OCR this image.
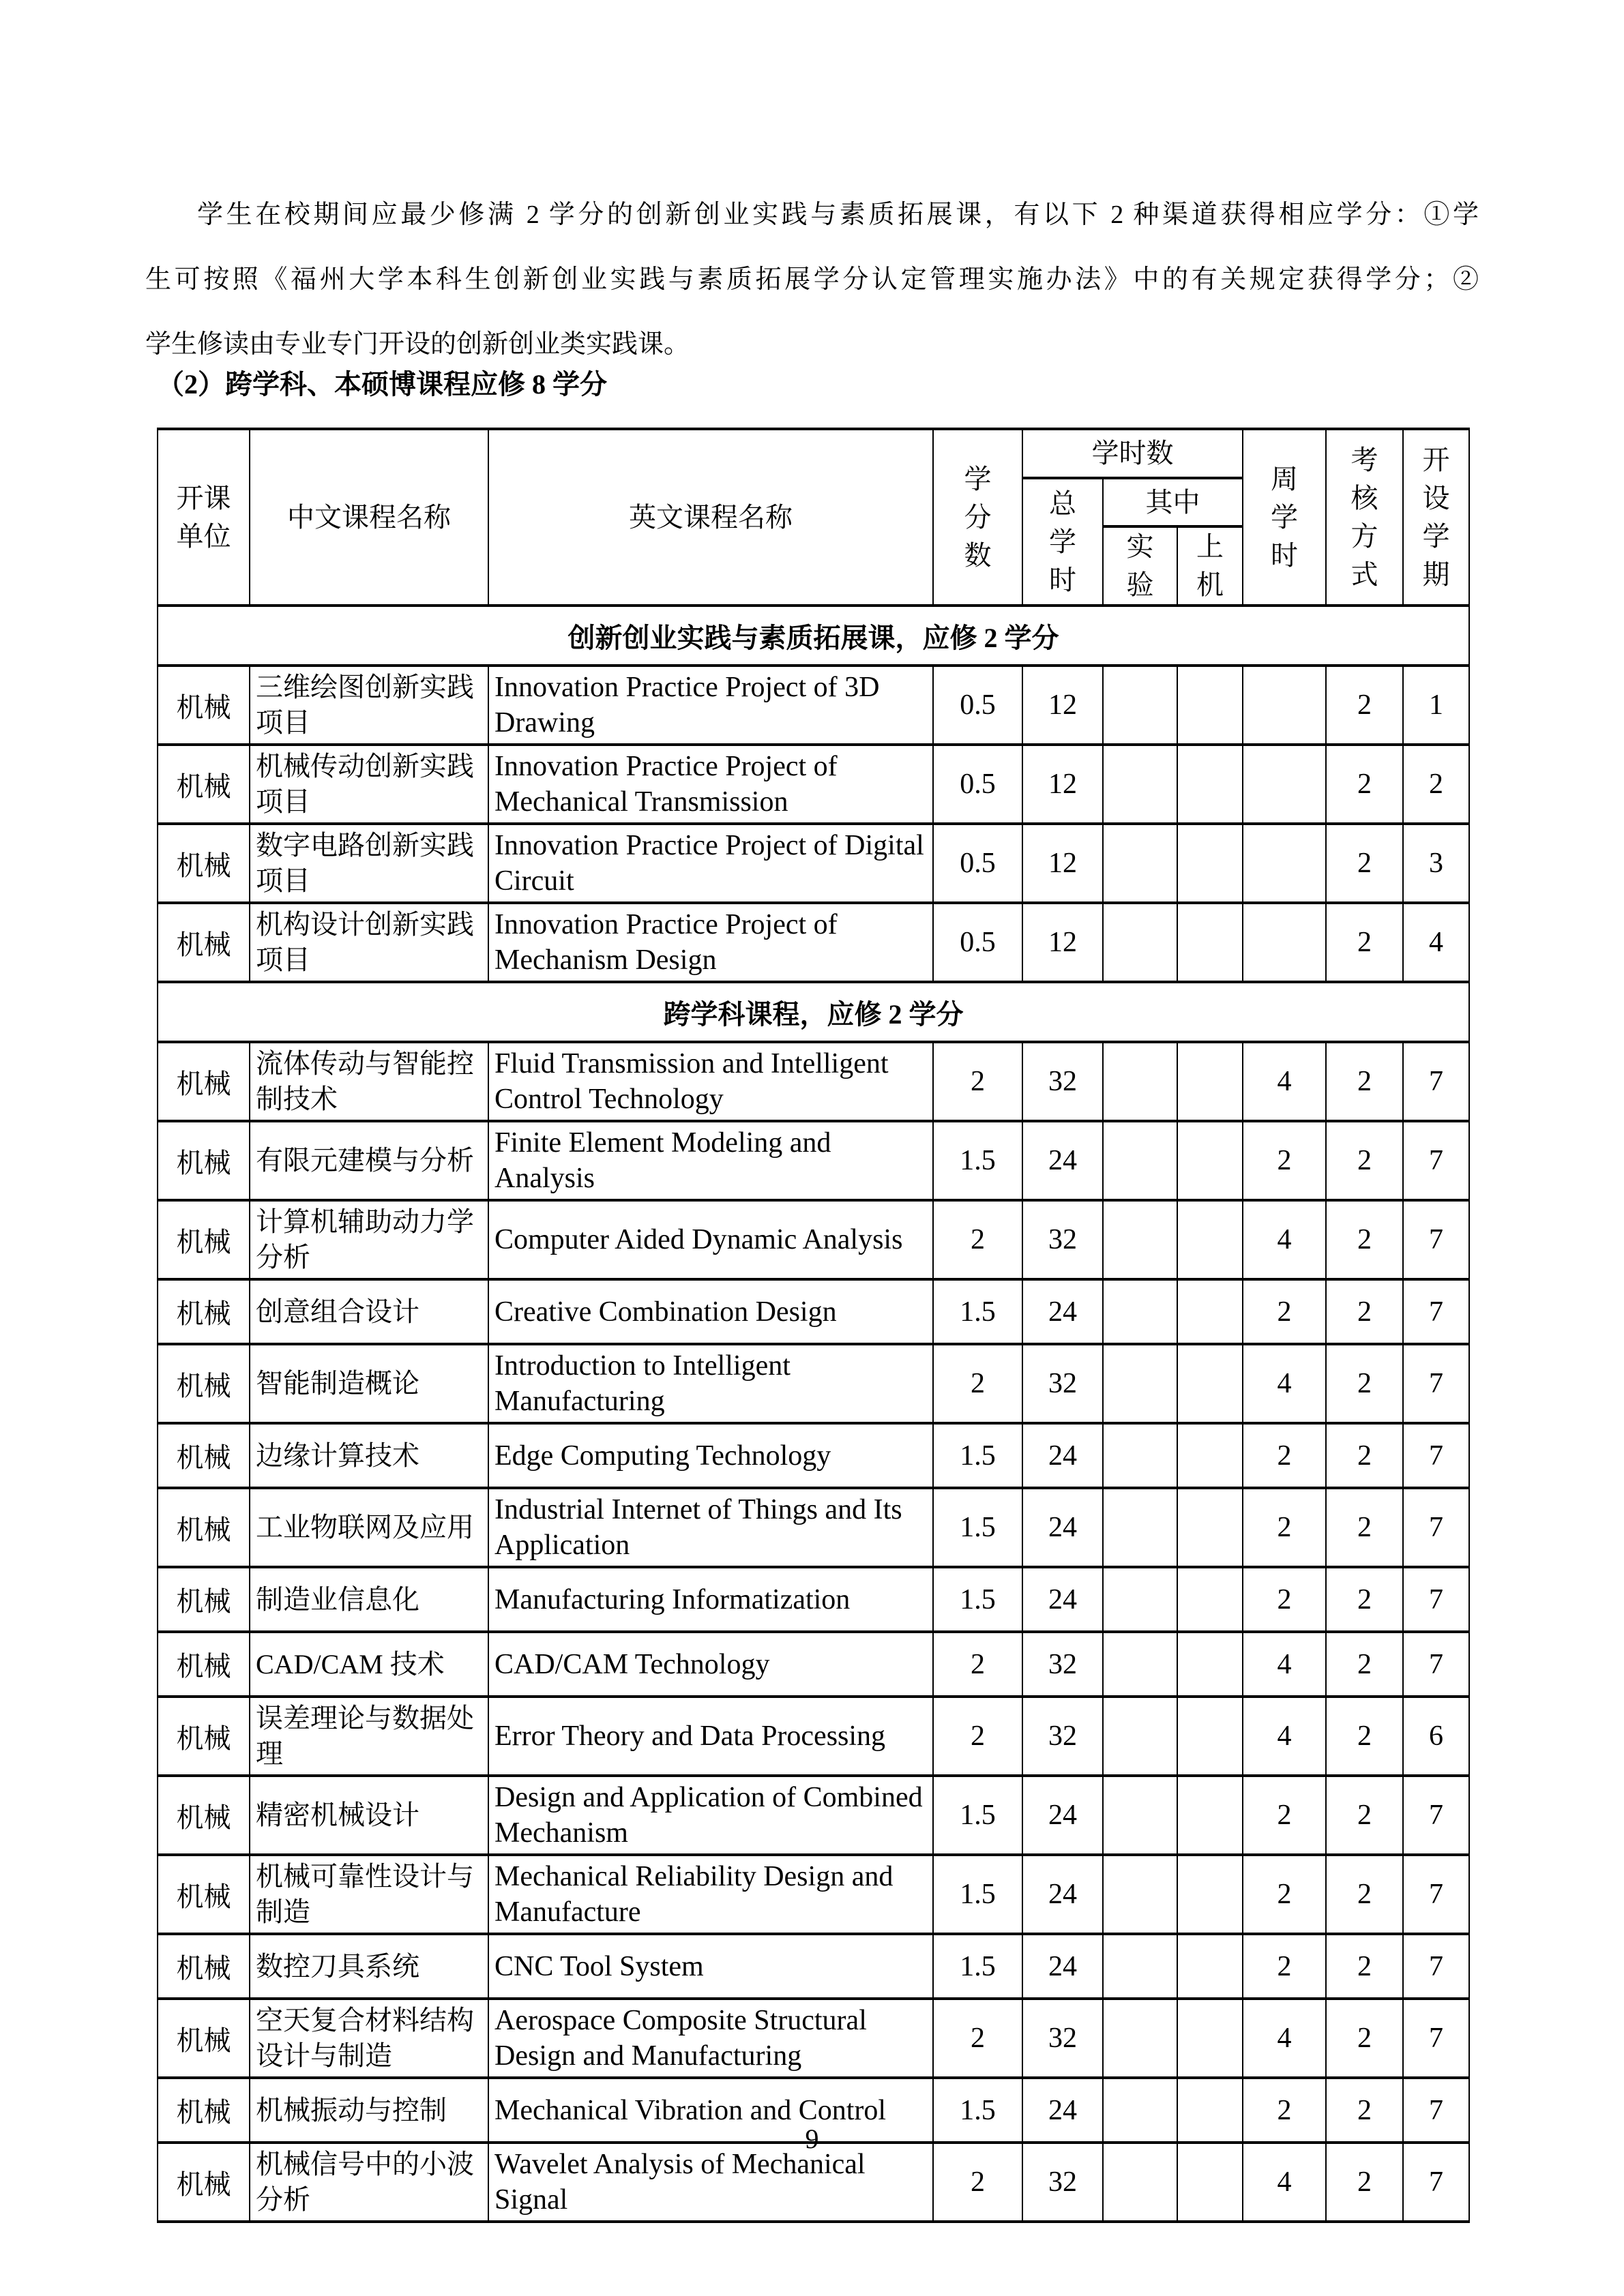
学生在校期间应最少修满 2 学分的创新创业实践与素质拓展课，有以下 2 种渠道获得相应学分：①学
生可按照《福州大学本科生创新创业实践与素质拓展学分认定管理实施办法》中的有关规定获得学分；②
学生修读由专业专门开设的创新创业类实践课。
（2）跨学科、本硕博课程应修 8 学分
开课单位	中文课程名称	英文课程名称	学分数	学时数			周学时	考核方式	开设学期
				总学时	其中				
					实验	上机			
创新创业实践与素质拓展课，应修 2 学分									
机械	三维绘图创新实践项目	Innovation Practice Project of 3D Drawing	0.5	12				2	1
机械	机械传动创新实践项目	Innovation Practice Project of Mechanical Transmission	0.5	12				2	2
机械	数字电路创新实践项目	Innovation Practice Project of Digital Circuit	0.5	12				2	3
机械	机构设计创新实践项目	Innovation Practice Project of Mechanism Design	0.5	12				2	4
跨学科课程，应修 2 学分									
机械	流体传动与智能控制技术	Fluid Transmission and Intelligent Control Technology	2	32			4	2	7
机械	有限元建模与分析	Finite Element Modeling and Analysis	1.5	24			2	2	7
机械	计算机辅助动力学分析	Computer Aided Dynamic Analysis	2	32			4	2	7
机械	创意组合设计	Creative Combination Design	1.5	24			2	2	7
机械	智能制造概论	Introduction to Intelligent Manufacturing	2	32			4	2	7
机械	边缘计算技术	Edge Computing Technology	1.5	24			2	2	7
机械	工业物联网及应用	Industrial Internet of Things and Its Application	1.5	24			2	2	7
机械	制造业信息化	Manufacturing Informatization	1.5	24			2	2	7
机械	CAD/CAM 技术	CAD/CAM Technology	2	32			4	2	7
机械	误差理论与数据处理	Error Theory and Data Processing	2	32			4	2	6
机械	精密机械设计	Design and Application of Combined Mechanism	1.5	24			2	2	7
机械	机械可靠性设计与制造	Mechanical Reliability Design and Manufacture	1.5	24			2	2	7
机械	数控刀具系统	CNC Tool System	1.5	24			2	2	7
机械	空天复合材料结构设计与制造	Aerospace Composite Structural Design and Manufacturing	2	32			4	2	7
机械	机械振动与控制	Mechanical Vibration and Control	1.5	24			2	2	7
机械	机械信号中的小波分析	Wavelet Analysis of Mechanical Signal	2	32			4	2	7
9
